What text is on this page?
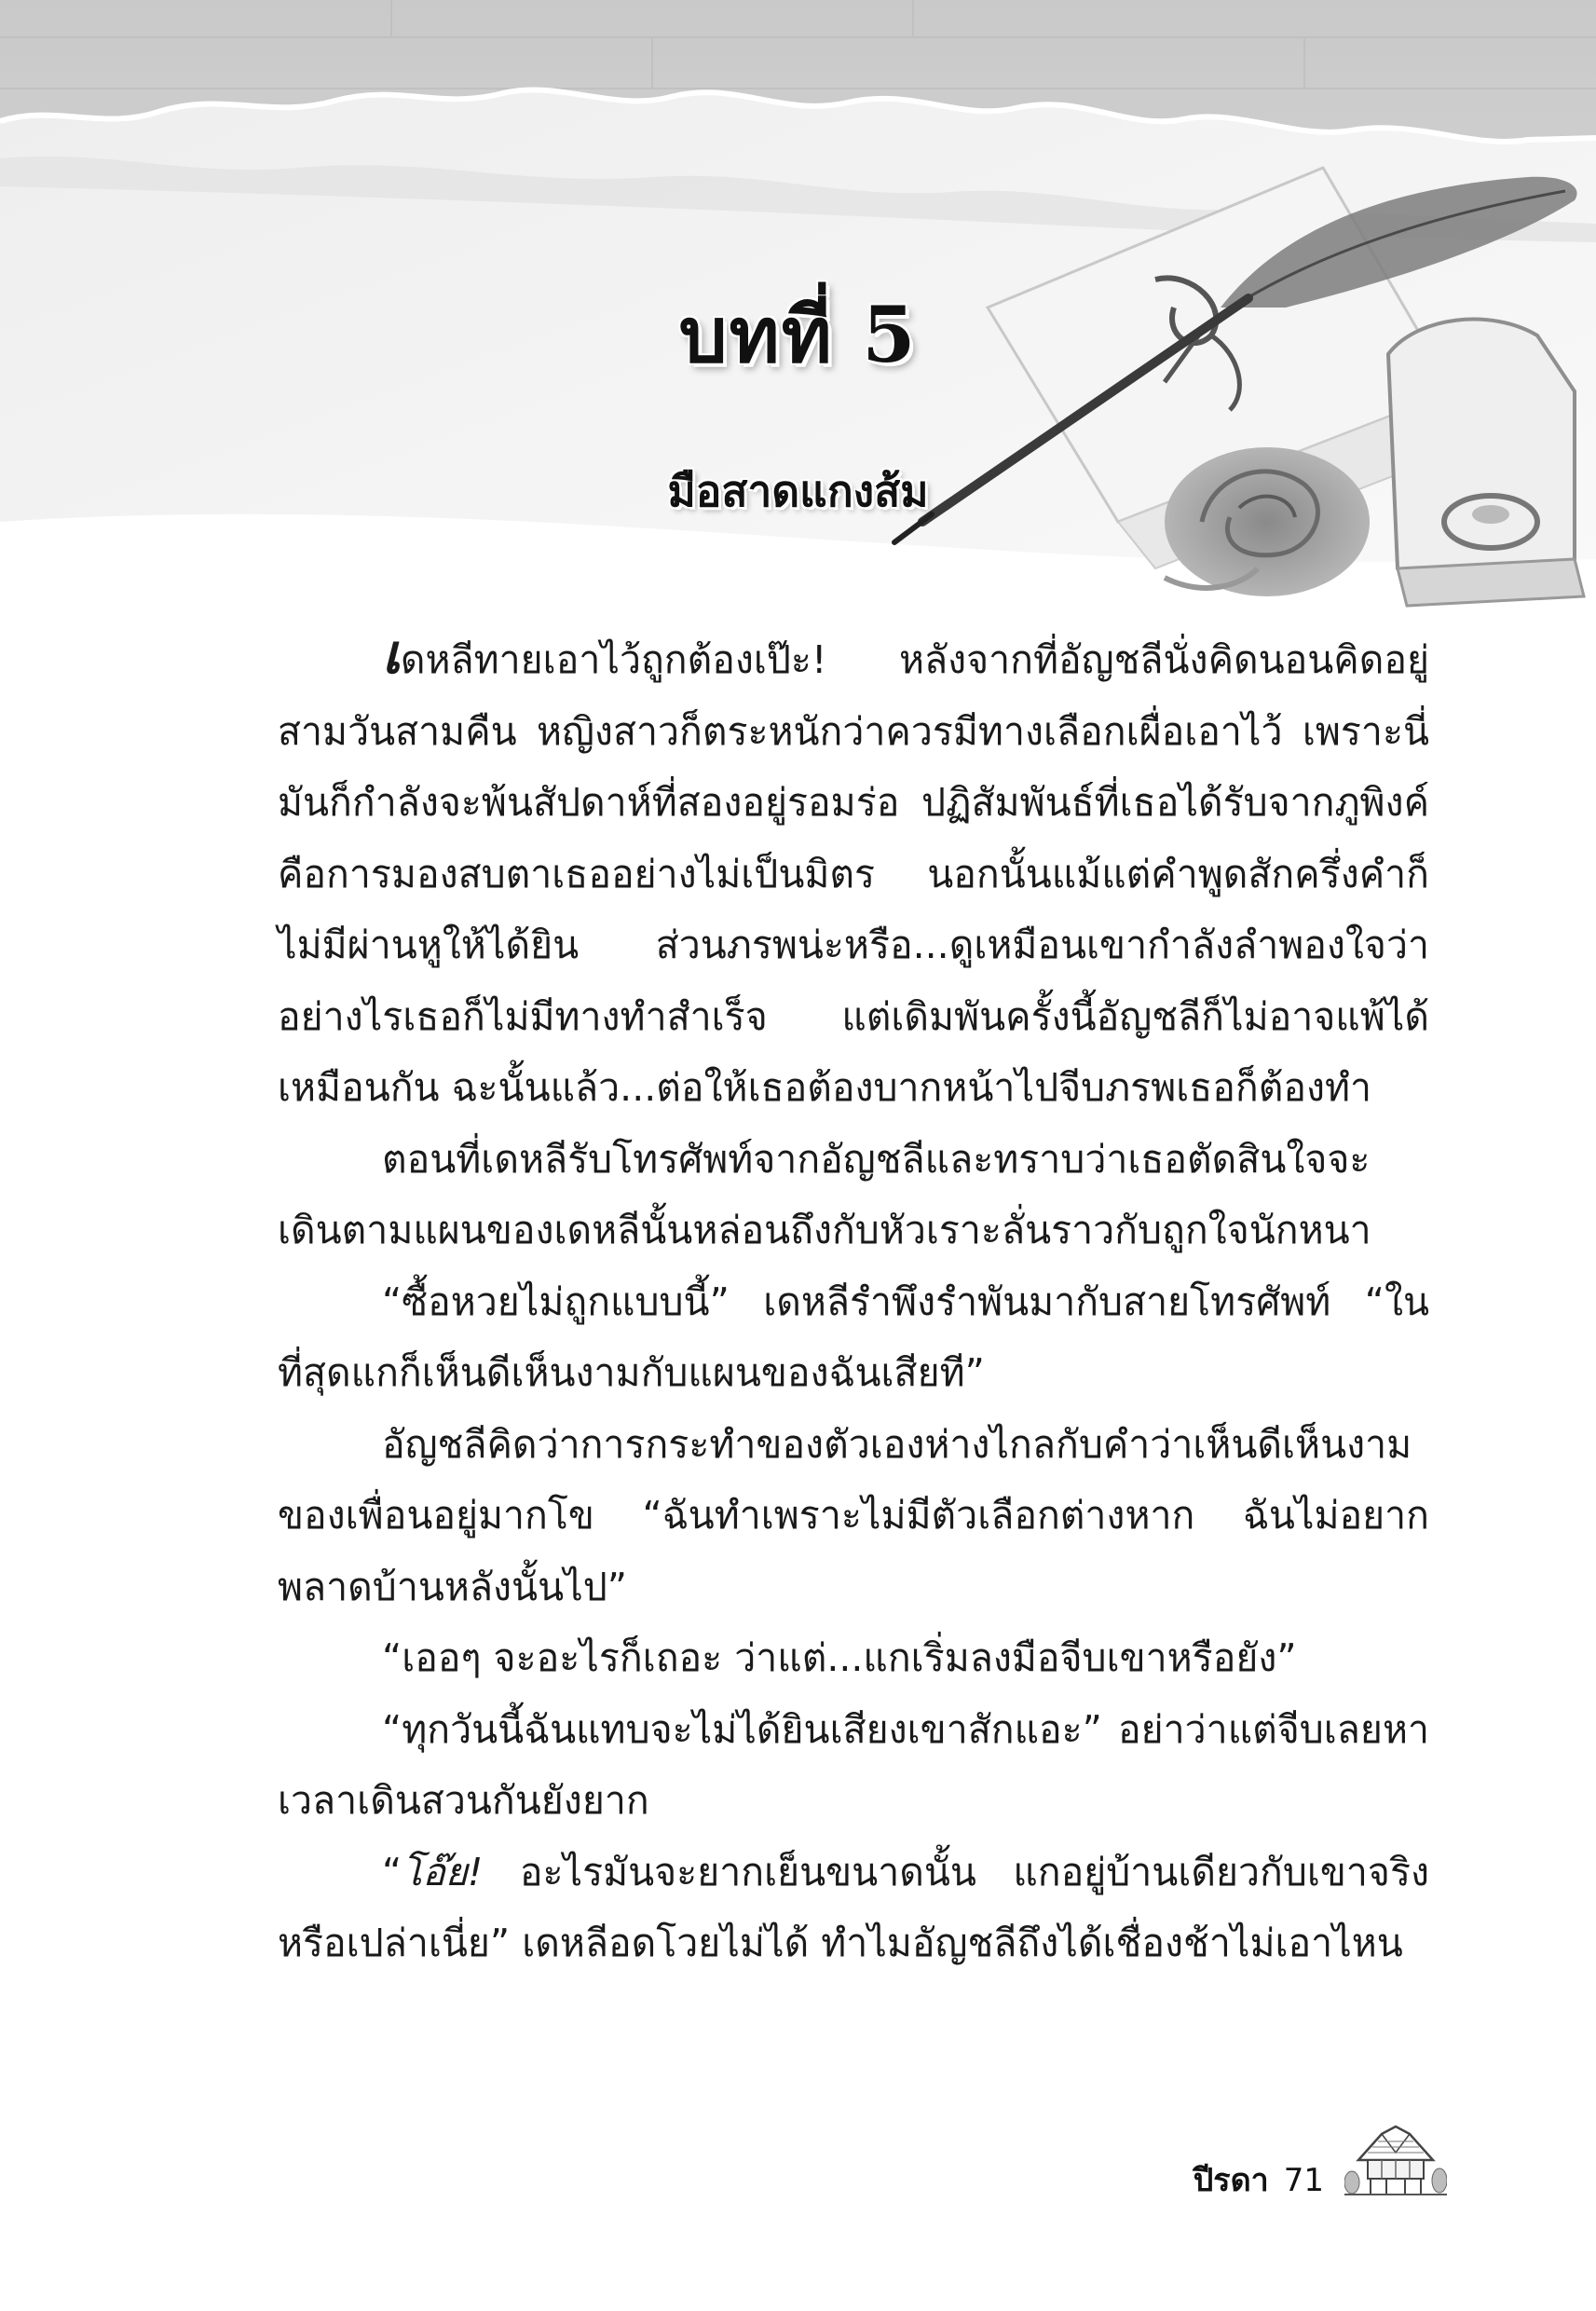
บทที่ 5
มือสาดแกงส้ม

เดหลีทายเอาไว้ถูกต้องเป๊ะ! หลังจากที่อัญชลีนั่งคิดนอนคิดอยู่สามวันสามคืน หญิงสาวก็ตระหนักว่าควรมีทางเลือกเผื่อเอาไว้ เพราะนี่มันก็กำลังจะพ้นสัปดาห์ที่สองอยู่รอมร่อ ปฏิสัมพันธ์ที่เธอได้รับจากภูพิงค์คือการมองสบตาเธออย่างไม่เป็นมิตร นอกนั้นแม้แต่คำพูดสักครึ่งคำก็ไม่มีผ่านหูให้ได้ยิน ส่วนภรพน่ะหรือ...ดูเหมือนเขากำลังลำพองใจว่าอย่างไรเธอก็ไม่มีทางทำสำเร็จ แต่เดิมพันครั้งนี้อัญชลีก็ไม่อาจแพ้ได้เหมือนกัน ฉะนั้นแล้ว...ต่อให้เธอต้องบากหน้าไปจีบภรพเธอก็ต้องทำ

ตอนที่เดหลีรับโทรศัพท์จากอัญชลีและทราบว่าเธอตัดสินใจจะเดินตามแผนของเดหลีนั้นหล่อนถึงกับหัวเราะลั่นราวกับถูกใจนักหนา

“ซื้อหวยไม่ถูกแบบนี้” เดหลีรำพึงรำพันมากับสายโทรศัพท์ “ในที่สุดแกก็เห็นดีเห็นงามกับแผนของฉันเสียที”

อัญชลีคิดว่าการกระทำของตัวเองห่างไกลกับคำว่าเห็นดีเห็นงามของเพื่อนอยู่มากโข “ฉันทำเพราะไม่มีตัวเลือกต่างหาก ฉันไม่อยากพลาดบ้านหลังนั้นไป”

“เออๆ จะอะไรก็เถอะ ว่าแต่...แกเริ่มลงมือจีบเขาหรือยัง”

“ทุกวันนี้ฉันแทบจะไม่ได้ยินเสียงเขาสักแอะ” อย่าว่าแต่จีบเลยหาเวลาเดินสวนกันยังยาก

“โอ๊ย! อะไรมันจะยากเย็นขนาดนั้น แกอยู่บ้านเดียวกับเขาจริงหรือเปล่าเนี่ย” เดหลีอดโวยไม่ได้ ทำไมอัญชลีถึงได้เชื่องช้าไม่เอาไหน

ปีรดา 71
